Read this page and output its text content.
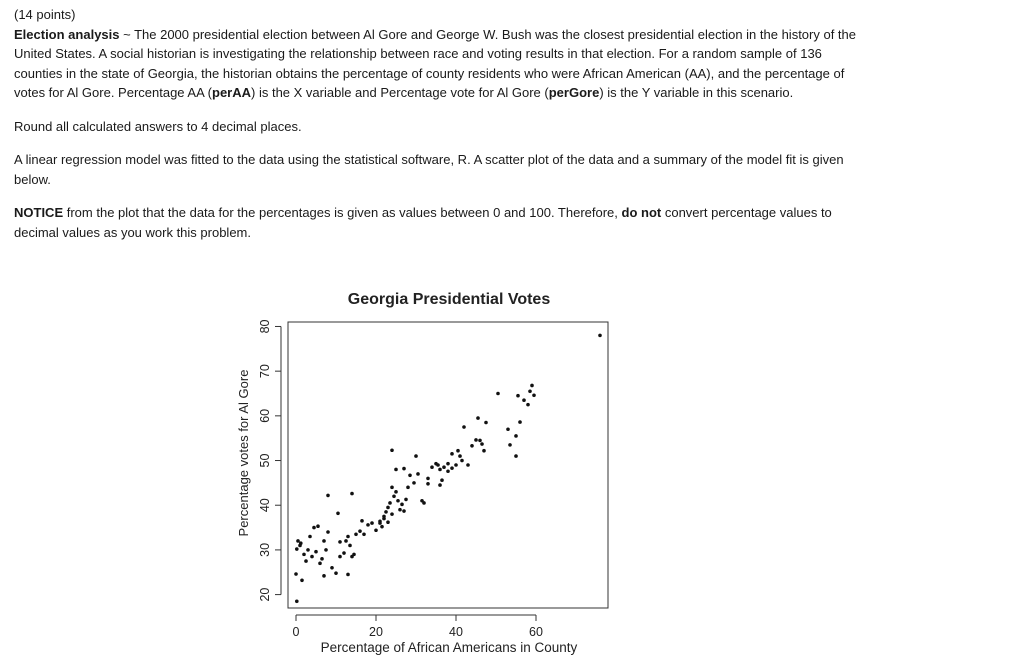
(14 points)

Election analysis ~ The 2000 presidential election between Al Gore and George W. Bush was the closest presidential election in the history of the United States. A social historian is investigating the relationship between race and voting results in that election. For a random sample of 136 counties in the state of Georgia, the historian obtains the percentage of county residents who were African American (AA), and the percentage of votes for Al Gore. Percentage AA (perAA) is the X variable and Percentage vote for Al Gore (perGore) is the Y variable in this scenario.

Round all calculated answers to 4 decimal places.

A linear regression model was fitted to the data using the statistical software, R. A scatter plot of the data and a summary of the model fit is given below.

NOTICE from the plot that the data for the percentages is given as values between 0 and 100. Therefore, do not convert percentage values to decimal values as you work this problem.

Georgia Presidential Votes
Percentage votes for Al Gore
Percentage of African Americans in County
0	20	40	60
20
30
40
50
60
70
80
